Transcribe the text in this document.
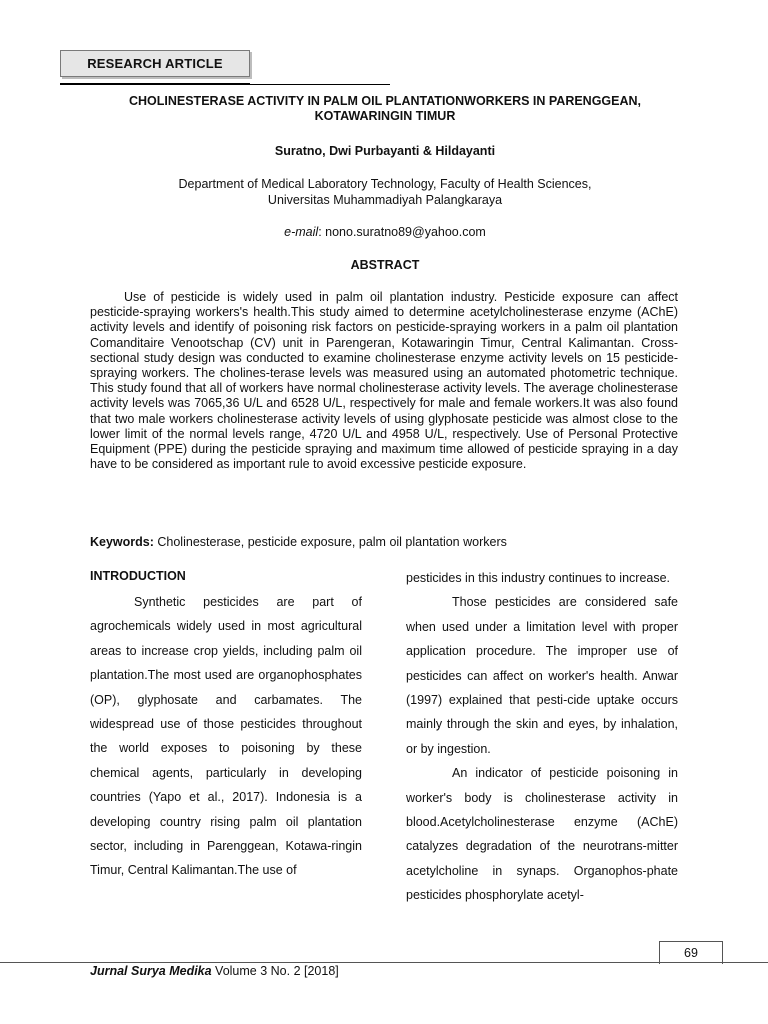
RESEARCH ARTICLE
CHOLINESTERASE ACTIVITY IN PALM OIL PLANTATIONWORKERS IN PARENGGEAN, KOTAWARINGIN TIMUR
Suratno, Dwi Purbayanti & Hildayanti
Department of Medical Laboratory Technology, Faculty of Health Sciences,
Universitas Muhammadiyah Palangkaraya
e-mail: nono.suratno89@yahoo.com
ABSTRACT
Use of pesticide is widely used in palm oil plantation industry. Pesticide exposure can affect pesticide-spraying workers's health.This study aimed to determine acetylcholinesterase enzyme (AChE) activity levels and identify of poisoning risk factors on pesticide-spraying workers in a palm oil plantation Comanditaire Venootschap (CV) unit in Parengeran, Kotawaringin Timur, Central Kalimantan. Cross-sectional study design was conducted to examine cholinesterase enzyme activity levels on 15 pesticide-spraying workers. The cholines-terase levels was measured using an automated photometric technique. This study found that all of workers have normal cholinesterase activity levels. The average cholinesterase activity levels was 7065,36 U/L and 6528 U/L, respectively for male and female workers.It was also found that two male workers cholinesterase activity levels of using glyphosate pesticide was almost close to the lower limit of the normal levels range, 4720 U/L and 4958 U/L, respectively. Use of Personal Protective Equipment (PPE) during the pesticide spraying and maximum time allowed of pesticide spraying in a day have to be considered as important rule to avoid excessive pesticide exposure.
Keywords: Cholinesterase, pesticide exposure, palm oil plantation workers
INTRODUCTION

Synthetic pesticides are part of agrochemicals widely used in most agricultural areas to increase crop yields, including palm oil plantation.The most used are organophosphates (OP), glyphosate and carbamates. The widespread use of those pesticides throughout the world exposes to poisoning by these chemical agents, particularly in developing countries (Yapo et al., 2017). Indonesia is a developing country rising palm oil plantation sector, including in Parenggean, Kotawa-ringin Timur, Central Kalimantan.The use of

pesticides in this industry continues to increase.

Those pesticides are considered safe when used under a limitation level with proper application procedure. The improper use of pesticides can affect on worker's health. Anwar (1997) explained that pesti-cide uptake occurs mainly through the skin and eyes, by inhalation, or by ingestion.

An indicator of pesticide poisoning in worker's body is cholinesterase activity in blood.Acetylcholinesterase enzyme (AChE) catalyzes degradation of the neurotrans-mitter acetylcholine in synaps. Organophos-phate pesticides phosphorylate acetyl-

69
Jurnal Surya Medika Volume 3 No. 2 [2018]
